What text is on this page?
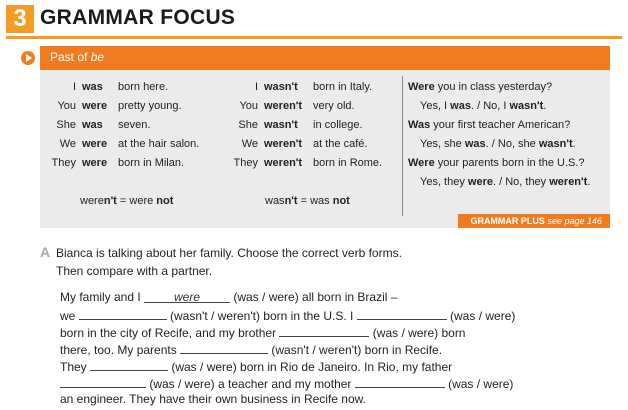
3 GRAMMAR FOCUS
Past of be
I was born here.
You were pretty young.
She was seven.
We were at the hair salon.
They were born in Milan.
weren't = were not
I wasn't born in Italy.
You weren't very old.
She wasn't in college.
We weren't at the café.
They weren't born in Rome.
wasn't = was not
Were you in class yesterday?
Yes, I was. / No, I wasn't.
Was your first teacher American?
Yes, she was. / No, she wasn't.
Were your parents born in the U.S.?
Yes, they were. / No, they weren't.
GRAMMAR PLUS see page 146
A Bianca is talking about her family. Choose the correct verb forms.
Then compare with a partner.
My family and I were	(was / were) all born in Brazil –
we	(wasn't / weren't) born in the U.S. I	(was / were)
born in the city of Recife, and my brother	(was / were) born
there, too. My parents	(wasn't / weren't) born in Recife.
They	(was / were) born in Rio de Janeiro. In Rio, my father
(was / were) a teacher and my mother	(was / were)
an engineer. They have their own business in Recife now.
